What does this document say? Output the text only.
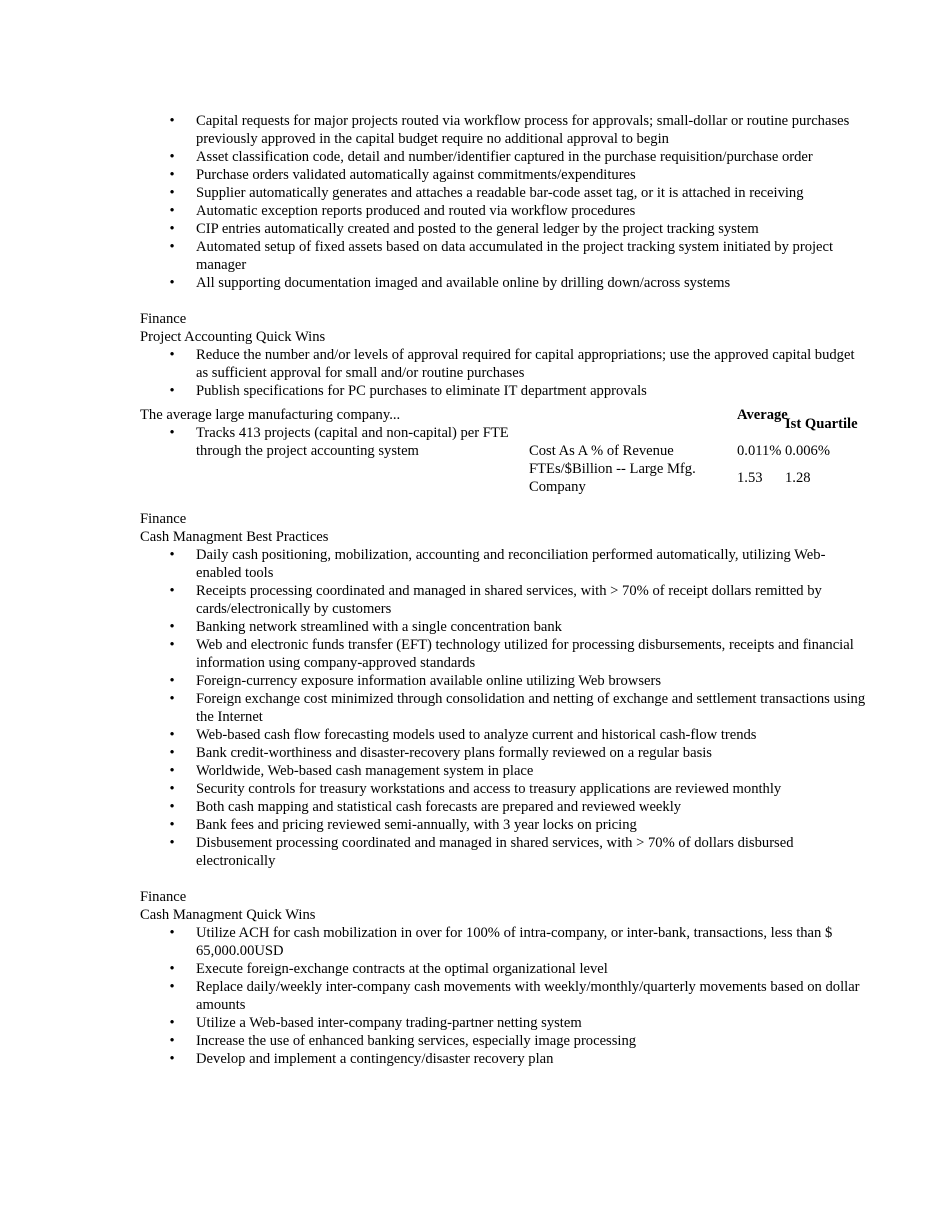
• Capital requests for major projects routed via workflow process for approvals; small-dollar or routine purchases previously approved in the capital budget require no additional approval to begin
• Asset classification code, detail and number/identifier captured in the purchase requisition/purchase order
• Purchase orders validated automatically against commitments/expenditures
• Supplier automatically generates and attaches a readable bar-code asset tag, or it is attached in receiving
• Automatic exception reports produced and routed via workflow procedures
• CIP entries automatically created and posted to the general ledger by the project tracking system
• Automated setup of fixed assets based on data accumulated in the project tracking system initiated by project manager
• All supporting documentation imaged and available online by drilling down/across systems
Finance
Project Accounting Quick Wins
• Reduce the number and/or levels of approval required for capital appropriations; use the approved capital budget as sufficient approval for small and/or routine purchases
• Publish specifications for PC purchases to eliminate IT department approvals
The average large manufacturing company...
• Tracks 413 projects (capital and non-capital) per FTE through the project accounting system
Average
Ist Quartile
Cost As A % of Revenue	0.011% 0.006%
FTEs/$Billion -- Large Mfg. Company
1.53 1.28
Finance
Cash Managment Best Practices
• Daily cash positioning, mobilization, accounting and reconciliation performed automatically, utilizing Web-enabled tools
• Receipts processing coordinated and managed in shared services, with > 70% of receipt dollars remitted by cards/electronically by customers
• Banking network streamlined with a single concentration bank
• Web and electronic funds transfer (EFT) technology utilized for processing disbursements, receipts and financial information using company-approved standards
• Foreign-currency exposure information available online utilizing Web browsers
• Foreign exchange cost minimized through consolidation and netting of exchange and settlement transactions using the Internet
• Web-based cash flow forecasting models used to analyze current and historical cash-flow trends
• Bank credit-worthiness and disaster-recovery plans formally reviewed on a regular basis
• Worldwide, Web-based cash management system in place
• Security controls for treasury workstations and access to treasury applications are reviewed monthly
• Both cash mapping and statistical cash forecasts are prepared and reviewed weekly
• Bank fees and pricing reviewed semi-annually, with 3 year locks on pricing
• Disbusement processing coordinated and managed in shared services, with > 70% of dollars disbursed electronically
Finance
Cash Managment Quick Wins
• Utilize ACH for cash mobilization in over for 100% of intra-company, or inter-bank, transactions, less than $ 65,000.00USD
• Execute foreign-exchange contracts at the optimal organizational level
• Replace daily/weekly inter-company cash movements with weekly/monthly/quarterly movements based on dollar amounts
• Utilize a Web-based inter-company trading-partner netting system
• Increase the use of enhanced banking services, especially image processing
• Develop and implement a contingency/disaster recovery plan
